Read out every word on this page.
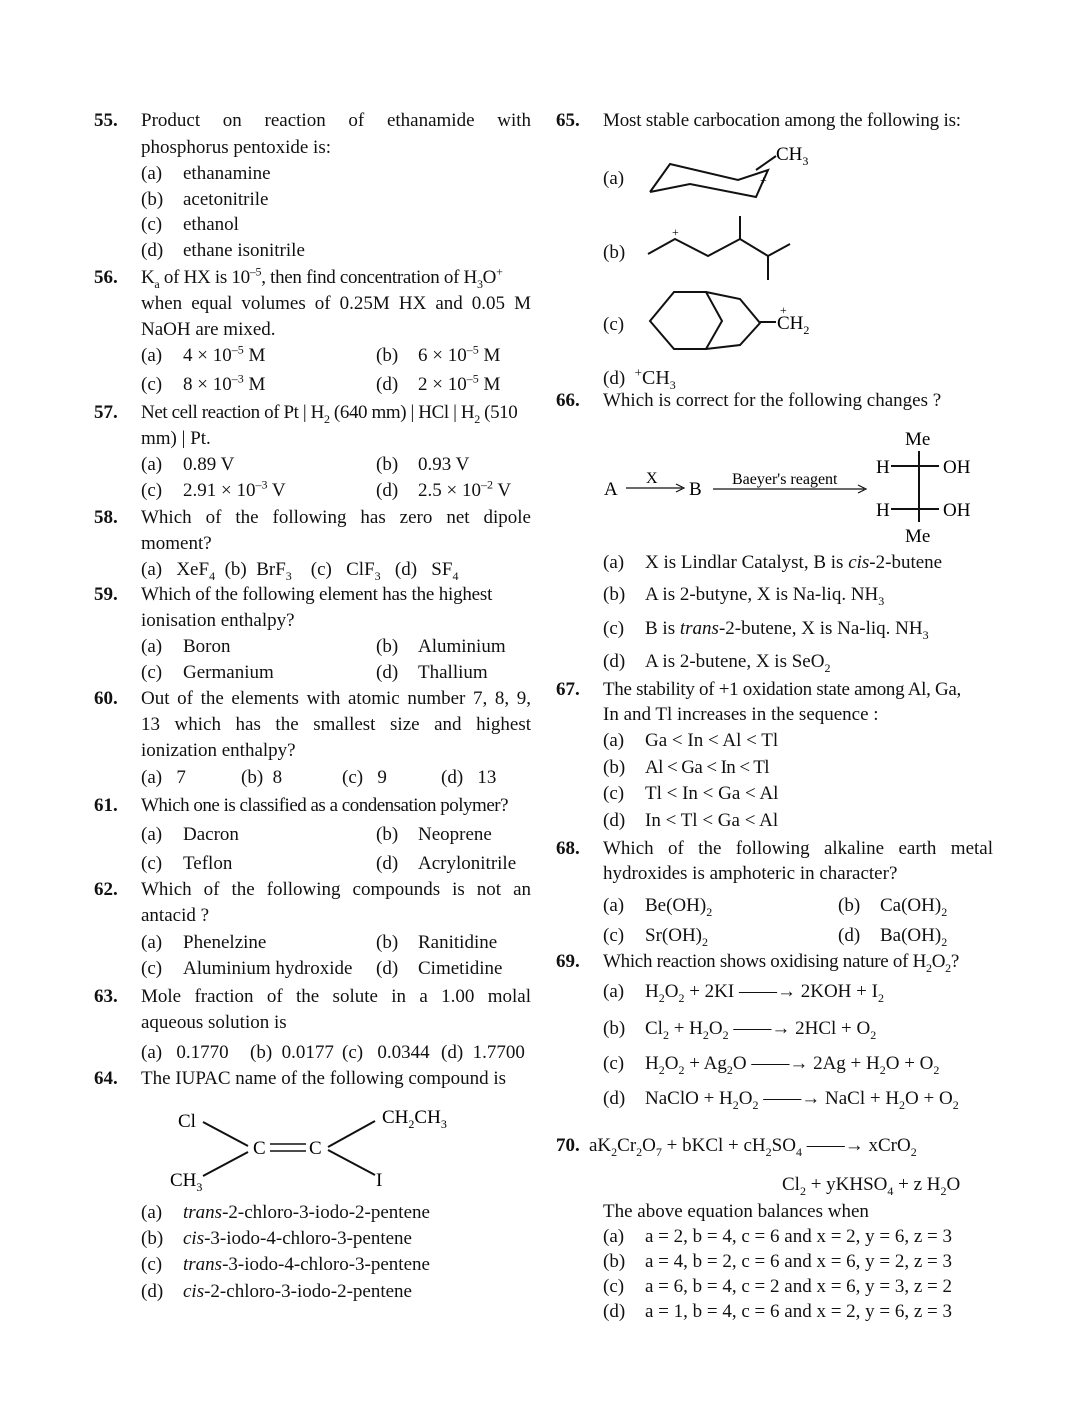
55. Product on reaction of ethanamide with
phosphorus pentoxide is:
(a) ethanamine
(b) acetonitrile
(c) ethanol
(d) ethane isonitrile
56. $K_a$ of HX is $10^{-5}$, then find concentration of $H_3O^+$
when equal volumes of 0.25M HX and 0.05 M
NaOH are mixed.
(a) $4 \times 10^{-5}$ M	(b) $6 \times 10^{-5}$ M
(c) $8 \times 10^{-3}$ M	(d) $2 \times 10^{-5}$ M
57. Net cell reaction of Pt | $H_2$ (640 mm) | HCl | $H_2$ (510
mm) | Pt.
(a) 0.89 V	(b) 0.93 V
(c) $2.91 \times 10^{-3}$ V	(d) $2.5 \times 10^{-2}$ V
58. Which of the following has zero net dipole
moment?
(a)   XeF$_4$  (b)  BrF$_3$    (c)   ClF$_3$   (d)   $SF_4$
59. Which of the following element has the highest
ionisation enthalpy?
(a) Boron	(b) Aluminium
(c) Germanium	(d) Thallium
60. Out of the elements with atomic number 7, 8, 9,
13 which has the smallest size and highest
ionization enthalpy?
(a) 7	(b) 8	(c) 9	(d) 13
61. Which one is classified as a condensation polymer?
(a) Dacron	(b) Neoprene
(c) Teflon	(d) Acrylonitrile
62. Which of the following compounds is not an
antacid ?
(a) Phenelzine	(b) Ranitidine
(c) Aluminium hydroxide (d) Cimetidine
63. Mole fraction of the solute in a 1.00 molal
aqueous solution is
(a) 0.1770 (b) 0.0177 (c) 0.0344 (d) 1.7700
64. The IUPAC name of the following compound is
Cl
$CH_3$
C C
$CH_2CH_3$
I
(a) trans-2-chloro-3-iodo-2-pentene
(b) cis-3-iodo-4-chloro-3-pentene
(c) trans-3-iodo-4-chloro-3-pentene
(d) cis-2-chloro-3-iodo-2-pentene
65. Most stable carbocation among the following is:
(a)
$CH_3$
+
(b)
+
(c)	$CH_2$
+
(d) $^+CH_3$
66. Which is correct for the following changes ?
A
X
B Baeyer's reagent
Me
H	OH
H	OH
Me
(a) X is Lindlar Catalyst, B is cis-2-butene
(b) A is 2-butyne, X is Na-liq. $NH_3$
(c) B is trans-2-butene, X is Na-liq. $NH_3$
(d) A is 2-butene, X is SeO$_2$
67. The stability of +1 oxidation state among Al, Ga,
In and Tl increases in the sequence :
(a) Ga < In < Al < Tl
(b) Al < Ga < In < Tl
(c) Tl < In < Ga < Al
(d) In < Tl < Ga < Al
68. Which of the following alkaline earth metal
hydroxides is amphoteric in character?
(a) $Be(OH)_2$	(b) $Ca(OH)_2$
(c) $Sr(OH)_2$	(d) $Ba(OH)_2$
69. Which reaction shows oxidising nature of $H_2O_2$?
(a) $H_2O_2 + 2KI$ ——→ $2KOH + I_2$
(b) $Cl_2 + H_2O_2$ ——→ $2HCl + O_2$
(c) $H_2O_2 + Ag_2O$ ——→ $2Ag + H_2O + O_2$
(d) NaClO + $H_2O_2$ ——→ NaCl + $H_2O + O_2$
70. $aK_2Cr_2O_7$ + bKCl + $cH_2SO_4$ ——→ xCrO$_2$
$Cl_2$ + yKHSO$_4$ + z $H_2O$
The above equation balances when
(a) a = 2, b = 4, c = 6 and x = 2, y = 6, z = 3
(b) a = 4, b = 2, c = 6 and x = 6, y = 2, z = 3
(c) a = 6, b = 4, c = 2 and x = 6, y = 3, z = 2
(d) a = 1, b = 4, c = 6 and x = 2, y = 6, z = 3
